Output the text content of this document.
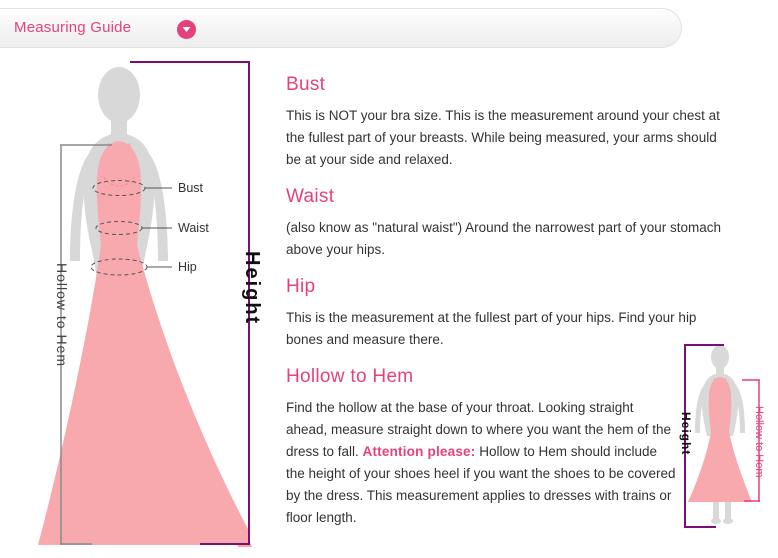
Measuring Guide
Bust
Waist
Hip Height
Hollow to Hem
Bust

This is NOT your bra size. This is the measurement around your chest at the fullest part of your breasts. While being measured, your arms should be at your side and relaxed.

Waist

(also know as "natural waist") Around the narrowest part of your stomach above your hips.

Hip

This is the measurement at the fullest part of your hips. Find your hip bones and measure there.

Hollow to Hem

Find the hollow at the base of your throat. Looking straight ahead, measure straight down to where you want the hem of the dress to fall. Attention please: Hollow to Hem should include the height of your shoes heel if you want the shoes to be covered by the dress. This measurement applies to dresses with trains or floor length.

Height	Hollow to Hem
